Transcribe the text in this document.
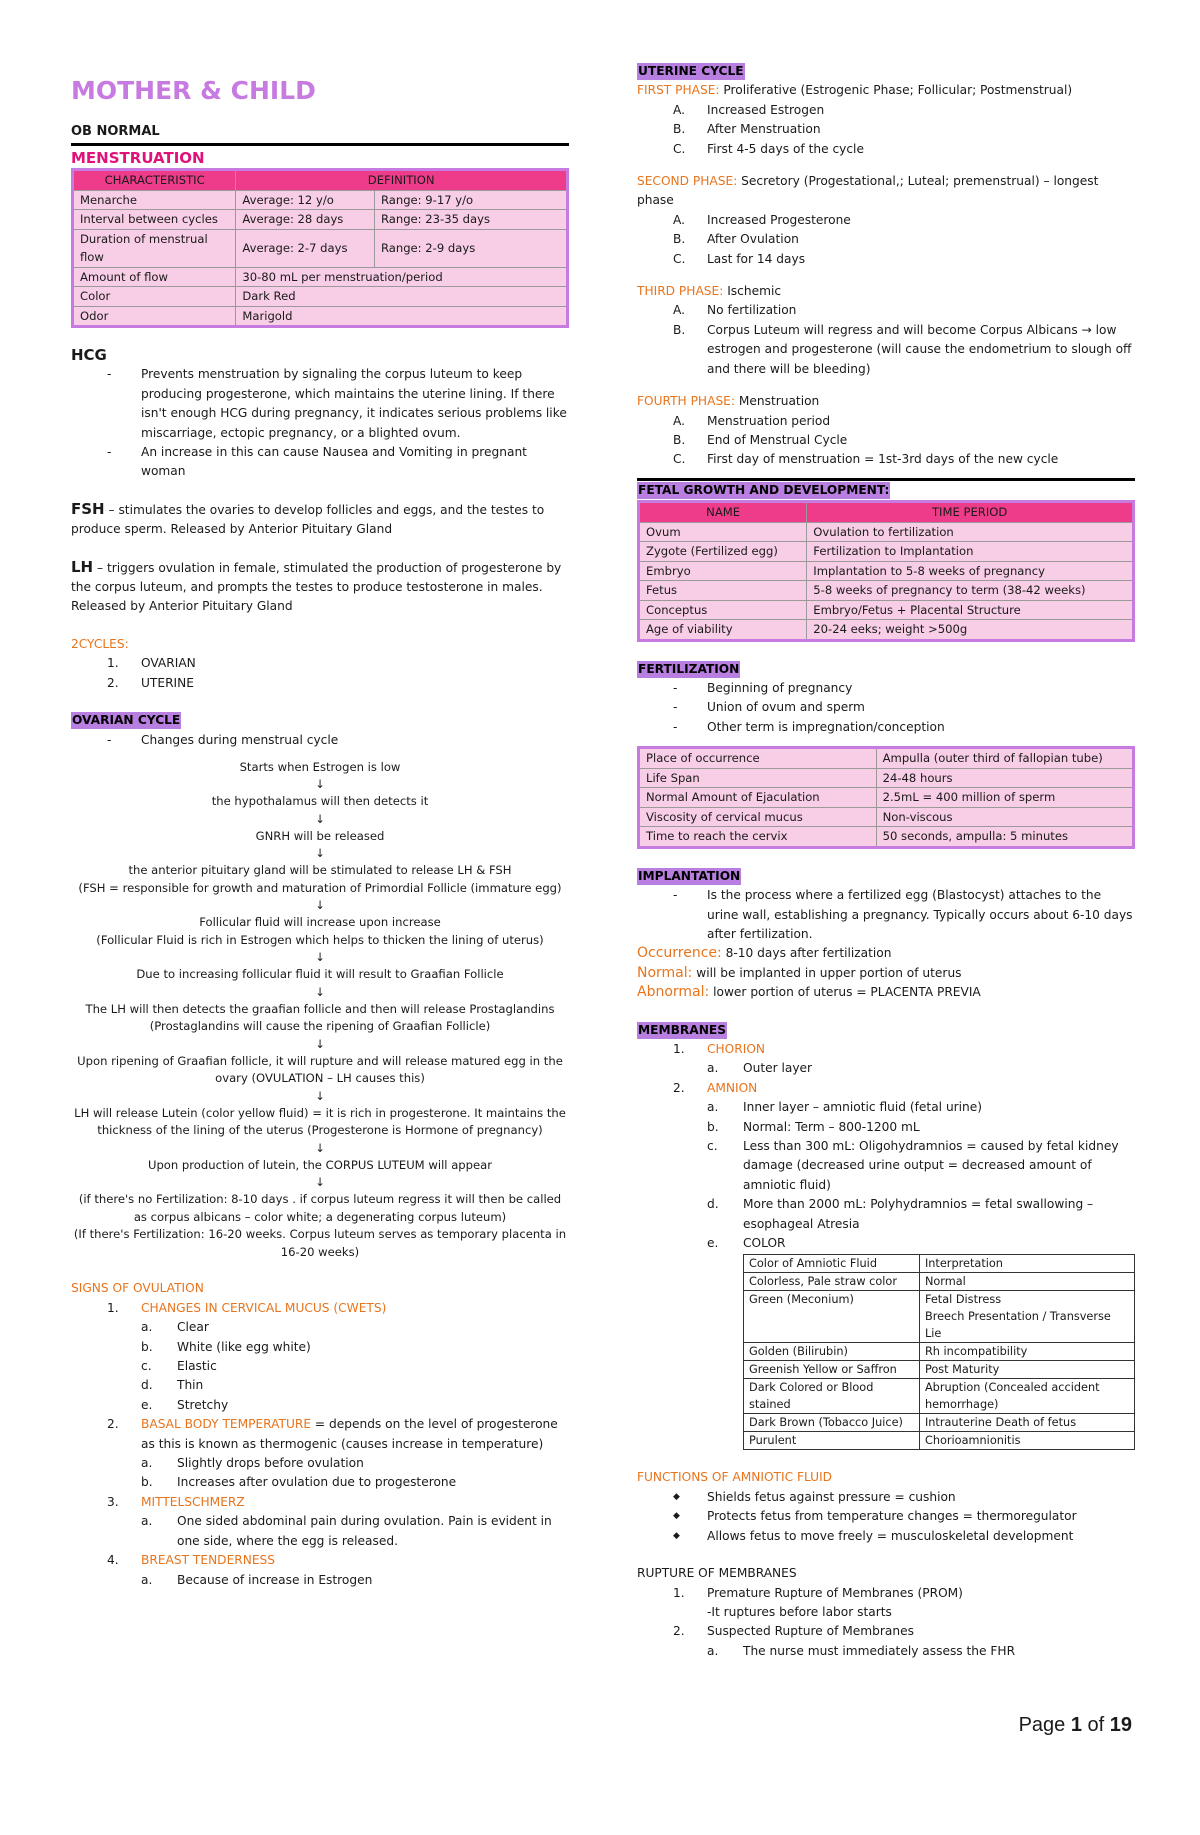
MOTHER & CHILD
OB NORMAL
MENSTRUATION
CHARACTERISTIC	DEFINITION	
Menarche	Average: 12 y/o	Range: 9-17 y/o
Interval between cycles	Average: 28 days	Range: 23-35 days
Duration of menstrual flow	Average: 2-7 days	Range: 2-9 days
Amount of flow	30-80 mL per menstruation/period	
Color	Dark Red	
Odor	Marigold	
HCG
- Prevents menstruation by signaling the corpus luteum to keep producing progesterone, which maintains the uterine lining. If there isn't enough HCG during pregnancy, it indicates serious problems like miscarriage, ectopic pregnancy, or a blighted ovum.
- An increase in this can cause Nausea and Vomiting in pregnant woman
FSH – stimulates the ovaries to develop follicles and eggs, and the testes to produce sperm. Released by Anterior Pituitary Gland
LH – triggers ovulation in female, stimulated the production of progesterone by the corpus luteum, and prompts the testes to produce testosterone in males. Released by Anterior Pituitary Gland
2CYCLES:
1. OVARIAN
2. UTERINE
OVARIAN CYCLE
- Changes during menstrual cycle
Starts when Estrogen is low
↓
the hypothalamus will then detects it
↓
GNRH will be released
↓
the anterior pituitary gland will be stimulated to release LH & FSH
(FSH = responsible for growth and maturation of Primordial Follicle (immature egg)
↓
Follicular fluid will increase upon increase
(Follicular Fluid is rich in Estrogen which helps to thicken the lining of uterus)
↓
Due to increasing follicular fluid it will result to Graafian Follicle
↓
The LH will then detects the graafian follicle and then will release Prostaglandins
(Prostaglandins will cause the ripening of Graafian Follicle)
↓
Upon ripening of Graafian follicle, it will rupture and will release matured egg in the ovary (OVULATION – LH causes this)
↓
LH will release Lutein (color yellow fluid) = it is rich in progesterone. It maintains the thickness of the lining of the uterus (Progesterone is Hormone of pregnancy)
↓
Upon production of lutein, the CORPUS LUTEUM will appear
↓
(if there's no Fertilization: 8-10 days . if corpus luteum regress it will then be called as corpus albicans – color white; a degenerating corpus luteum)
(If there's Fertilization: 16-20 weeks. Corpus luteum serves as temporary placenta in 16-20 weeks)
SIGNS OF OVULATION
1. CHANGES IN CERVICAL MUCUS (CWETS)
a. Clear
b. White (like egg white)
c. Elastic
d. Thin
e. Stretchy
2. BASAL BODY TEMPERATURE = depends on the level of progesterone as this is known as thermogenic (causes increase in temperature)
a. Slightly drops before ovulation
b. Increases after ovulation due to progesterone
3. MITTELSCHMERZ
a. One sided abdominal pain during ovulation. Pain is evident in one side, where the egg is released.
4. BREAST TENDERNESS
a. Because of increase in Estrogen
UTERINE CYCLE
FIRST PHASE: Proliferative (Estrogenic Phase; Follicular; Postmenstrual)
A. Increased Estrogen
B. After Menstruation
C. First 4-5 days of the cycle
SECOND PHASE: Secretory (Progestational,; Luteal; premenstrual) – longest phase
A. Increased Progesterone
B. After Ovulation
C. Last for 14 days
THIRD PHASE: Ischemic
A. No fertilization
B. Corpus Luteum will regress and will become Corpus Albicans → low estrogen and progesterone (will cause the endometrium to slough off and there will be bleeding)
FOURTH PHASE: Menstruation
A. Menstruation period
B. End of Menstrual Cycle
C. First day of menstruation = 1st-3rd days of the new cycle
FETAL GROWTH AND DEVELOPMENT:
NAME	TIME PERIOD
Ovum	Ovulation to fertilization
Zygote (Fertilized egg)	Fertilization to Implantation
Embryo	Implantation to 5-8 weeks of pregnancy
Fetus	5-8 weeks of pregnancy to term (38-42 weeks)
Conceptus	Embryo/Fetus + Placental Structure
Age of viability	20-24 eeks; weight >500g
FERTILIZATION
- Beginning of pregnancy
- Union of ovum and sperm
- Other term is impregnation/conception
Place of occurrence	Ampulla (outer third of fallopian tube)
Life Span	24-48 hours
Normal Amount of Ejaculation	2.5mL = 400 million of sperm
Viscosity of cervical mucus	Non-viscous
Time to reach the cervix	50 seconds, ampulla: 5 minutes
IMPLANTATION
- Is the process where a fertilized egg (Blastocyst) attaches to the urine wall, establishing a pregnancy. Typically occurs about 6-10 days after fertilization.
Occurrence: 8-10 days after fertilization
Normal: will be implanted in upper portion of uterus
Abnormal: lower portion of uterus = PLACENTA PREVIA
MEMBRANES
1. CHORION
a. Outer layer
2. AMNION
a. Inner layer – amniotic fluid (fetal urine)
b. Normal: Term – 800-1200 mL
c. Less than 300 mL: Oligohydramnios = caused by fetal kidney damage (decreased urine output = decreased amount of amniotic fluid)
d. More than 2000 mL: Polyhydramnios = fetal swallowing – esophageal Atresia
e. COLOR
Color of Amniotic Fluid	Interpretation
Colorless, Pale straw color	Normal
Green (Meconium)	Fetal Distress
Breech Presentation / Transverse Lie
Golden (Bilirubin)	Rh incompatibility
Greenish Yellow or Saffron	Post Maturity
Dark Colored or Blood stained	Abruption (Concealed accident hemorrhage)
Dark Brown (Tobacco Juice)	Intrauterine Death of fetus
Purulent	Chorioamnionitis
FUNCTIONS OF AMNIOTIC FLUID
◆ Shields fetus against pressure = cushion
◆ Protects fetus from temperature changes = thermoregulator
◆ Allows fetus to move freely = musculoskeletal development
RUPTURE OF MEMBRANES
1. Premature Rupture of Membranes (PROM)
-It ruptures before labor starts
2. Suspected Rupture of Membranes
a. The nurse must immediately assess the FHR
Page 1 of 19
